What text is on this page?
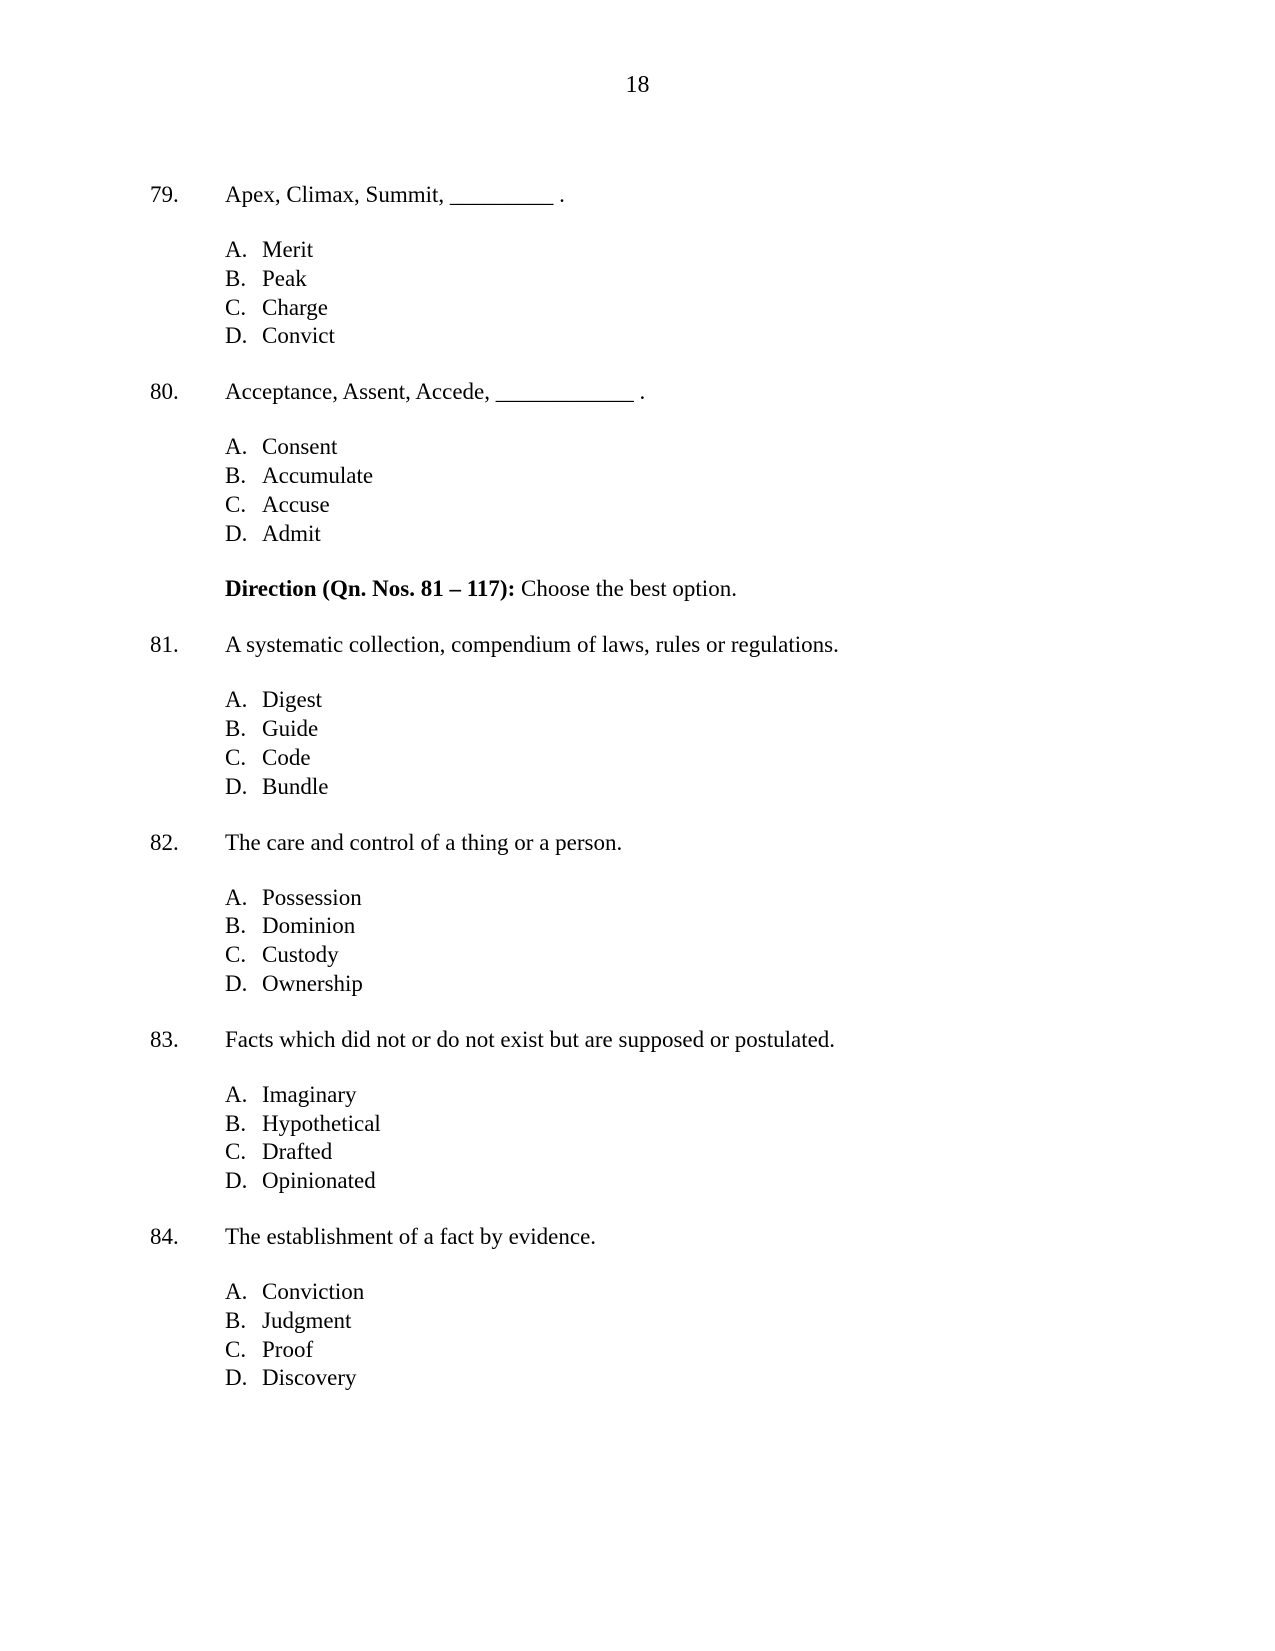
18
79. Apex, Climax, Summit, _________ .
A. Merit
B. Peak
C. Charge
D. Convict
80. Acceptance, Assent, Accede, ____________ .
A. Consent
B. Accumulate
C. Accuse
D. Admit
Direction (Qn. Nos. 81 – 117): Choose the best option.
81. A systematic collection, compendium of laws, rules or regulations.
A. Digest
B. Guide
C. Code
D. Bundle
82. The care and control of a thing or a person.
A. Possession
B. Dominion
C. Custody
D. Ownership
83. Facts which did not or do not exist but are supposed or postulated.
A. Imaginary
B. Hypothetical
C. Drafted
D. Opinionated
84. The establishment of a fact by evidence.
A. Conviction
B. Judgment
C. Proof
D. Discovery
